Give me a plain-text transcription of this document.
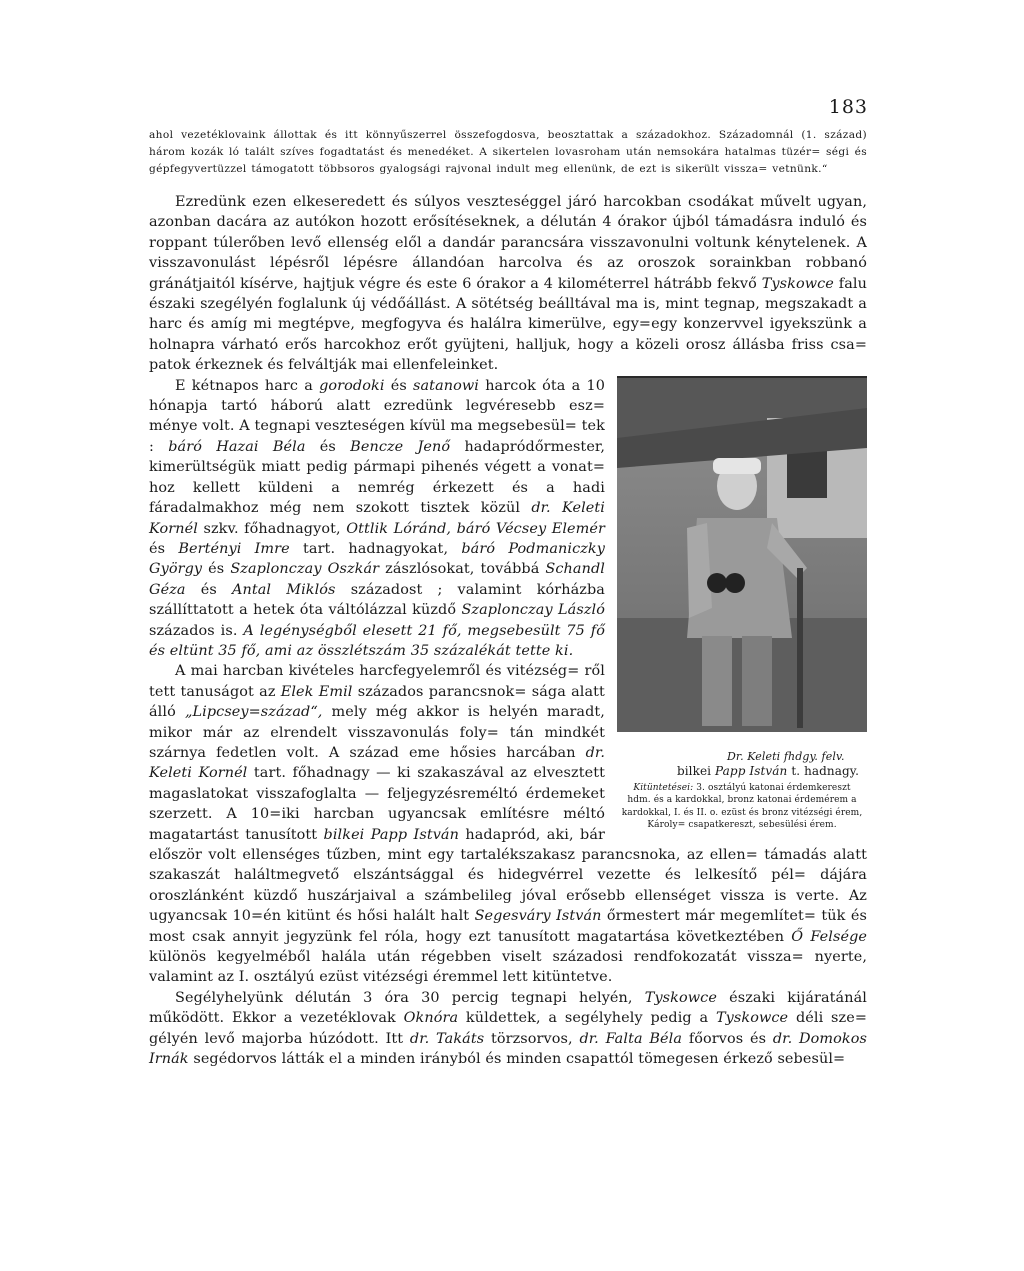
183
ahol vezetéklovaink állottak és itt könnyűszerrel összefogdosva, beosztattak a századokhoz. Századomnál (1. század) három kozák ló talált szíves fogadtatást és menedéket. A sikertelen lovasroham után nemsokára hatalmas tüzér= ségi és gépfegyvertüzzel támogatott többsoros gyalogsági rajvonal indult meg ellenünk, de ezt is sikerült vissza= vetnünk.“

Ezredünk ezen elkeseredett és súlyos veszteséggel járó harcokban csodákat művelt ugyan, azonban dacára az autókon hozott erősítéseknek, a délután 4 órakor újból támadásra induló és roppant túlerőben levő ellenség elől a dandár parancsára visszavonulni voltunk kénytelenek. A visszavonulást lépésről lépésre állandóan harcolva és az oroszok sorainkban robbanó gránátjaitól kísérve, hajtjuk végre és este 6 órakor a 4 kilométerrel hátrább fekvő Tyskowce falu északi szegélyén foglalunk új védőállást. A sötétség beálltával ma is, mint tegnap, megszakadt a harc és amíg mi megtépve, megfogyva és halálra kimerülve, egy=egy konzervvel igyekszünk a holnapra várható erős harcokhoz erőt gyüjteni, halljuk, hogy a közeli orosz állásba friss csa= patok érkeznek és felváltják mai ellenfeleinket.

Dr. Keleti fhdgy. felv.
bilkei Papp István t. hadnagy.
Kitüntetései: 3. osztályú katonai érdemkereszt hdm. és a kardokkal, bronz katonai érdemérem a kardokkal, I. és II. o. ezüst és bronz vitézségi érem, Károly= csapatkereszt, sebesülési érem.

E kétnapos harc a gorodoki és satanowi harcok óta a 10 hónapja tartó háború alatt ezredünk legvéresebb esz= ménye volt. A tegnapi veszteségen kívül ma megsebesül= tek : báró Hazai Béla és Bencze Jenő hadapródőrmester, kimerültségük miatt pedig pármapi pihenés végett a vonat= hoz kellett küldeni a nemrég érkezett és a hadi fáradalmakhoz még nem szokott tisztek közül dr. Keleti Kornél szkv. főhadnagyot, Ottlik Lóránd, báró Vécsey Elemér és Bertényi Imre tart. hadnagyokat, báró Podmaniczky György és Szaplonczay Oszkár zászlósokat, továbbá Schandl Géza és Antal Miklós századost ; valamint kórházba szállíttatott a hetek óta váltólázzal küzdő Szaplonczay László százados is. A legénységből elesett 21 fő, megsebesült 75 fő és eltünt 35 fő, ami az összlétszám 35 százalékát tette ki.

A mai harcban kivételes harcfegyelemről és vitézség= ről tett tanuságot az Elek Emil százados parancsnok= sága alatt álló „Lipcsey=század“, mely még akkor is helyén maradt, mikor már az elrendelt visszavonulás foly= tán mindkét szárnya fedetlen volt. A század eme hősies harcában dr. Keleti Kornél tart. főhadnagy — ki szakaszával az elvesztett magaslatokat visszafoglalta — feljegyzésreméltó érdemeket szerzett. A 10=iki harcban ugyancsak említésre méltó magatartást tanusított bilkei Papp István hadapród, aki, bár először volt ellenséges tűzben, mint egy tartalékszakasz parancsnoka, az ellen= támadás alatt szakaszát haláltmegvető elszántsággal és hidegvérrel vezette és lelkesítő pél= dájára oroszlánként küzdő huszárjaival a számbelileg jóval erősebb ellenséget vissza is verte. Az ugyancsak 10=én kitünt és hősi halált halt Segesváry István őrmestert már megemlítet= tük és most csak annyit jegyzünk fel róla, hogy ezt tanusított magatartása következtében Ő Felsége különös kegyelméből halála után régebben viselt századosi rendfokozatát vissza= nyerte, valamint az I. osztályú ezüst vitézségi éremmel lett kitüntetve.

Segélyhelyünk délután 3 óra 30 percig tegnapi helyén, Tyskowce északi kijáratánál működött. Ekkor a vezetéklovak Oknóra küldettek, a segélyhely pedig a Tyskowce déli sze= gélyén levő majorba húzódott. Itt dr. Takáts törzsorvos, dr. Falta Béla főorvos és dr. Domokos Irnák segédorvos látták el a minden irányból és minden csapattól tömegesen érkező sebesül=
